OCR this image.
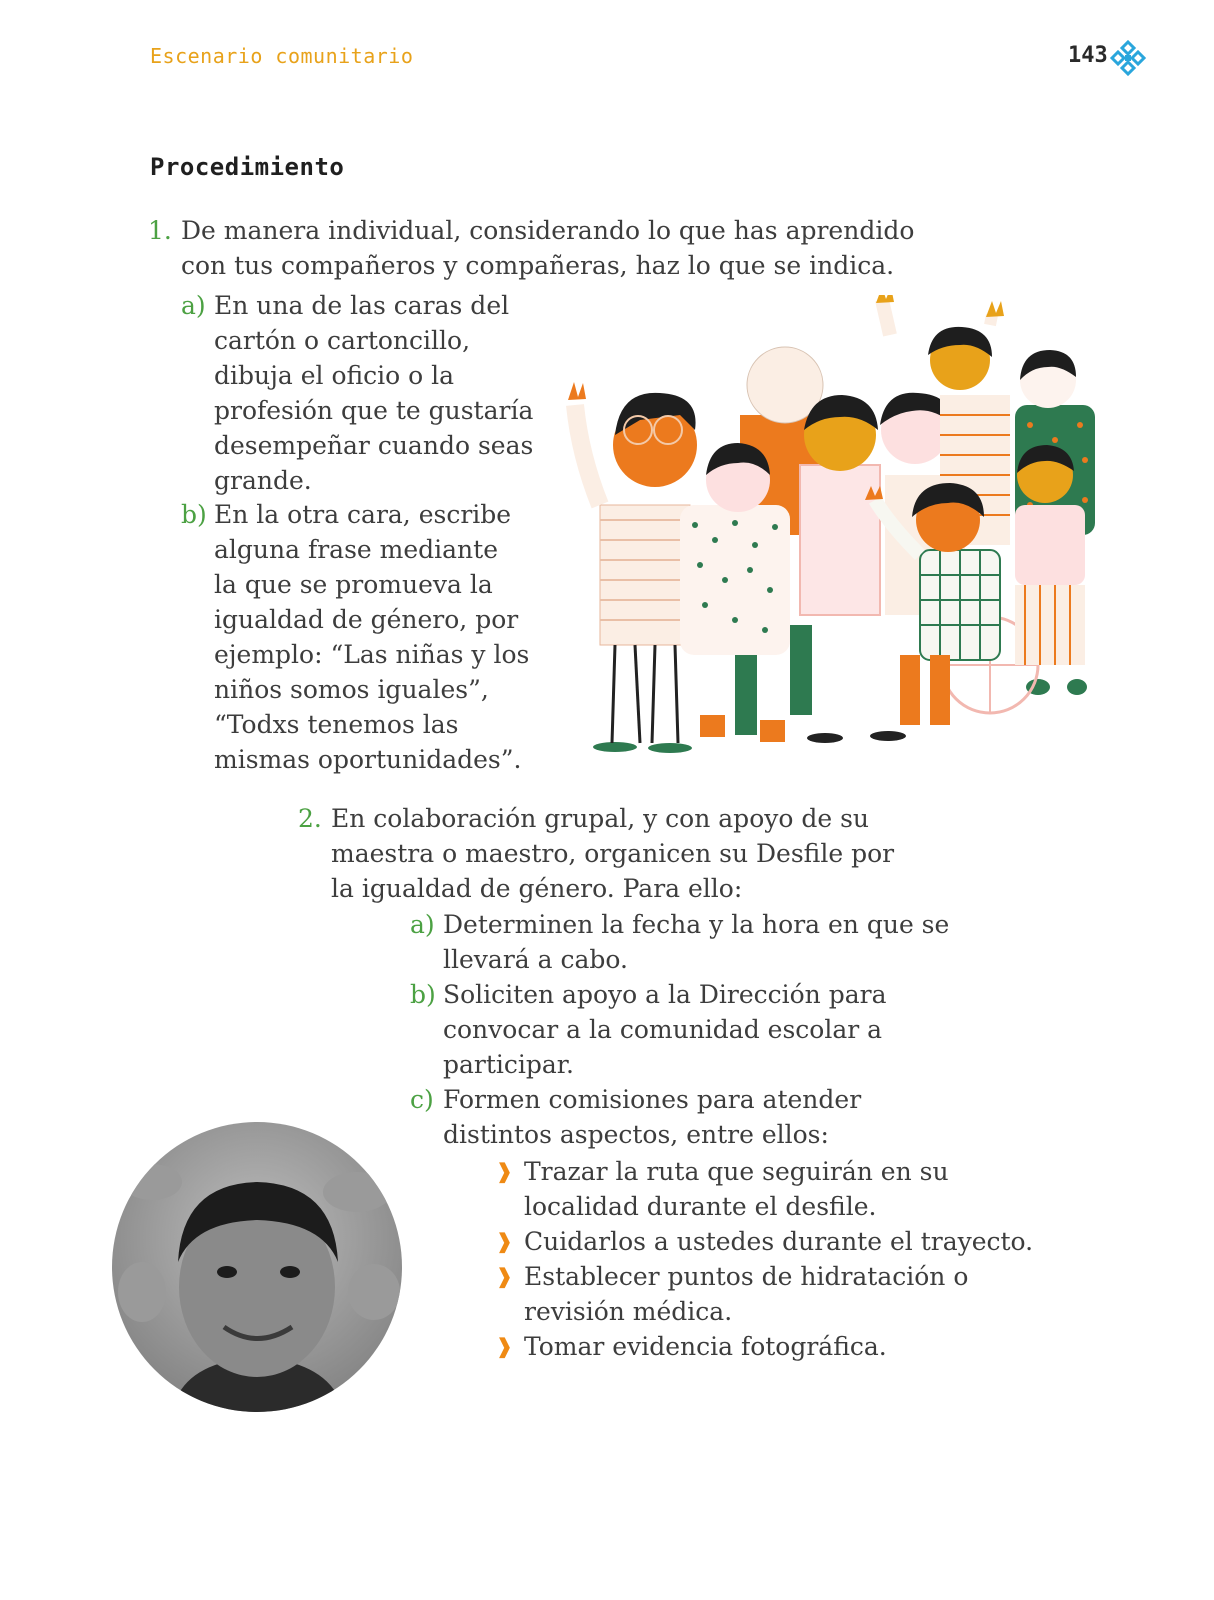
Escenario comunitario	143
Procedimiento
1. De manera individual, considerando lo que has aprendido
con tus compañeros y compañeras, haz lo que se indica.
a) En una de las caras del
cartón o cartoncillo,
dibuja el oficio o la
profesión que te gustaría
desempeñar cuando seas
grande.
b) En la otra cara, escribe
alguna frase mediante
la que se promueva la
igualdad de género, por
ejemplo: “Las niñas y los
niños somos iguales”,
“Todxs tenemos las
mismas oportunidades”.
2. En colaboración grupal, y con apoyo de su
maestra o maestro, organicen su Desfile por
la igualdad de género. Para ello:
a) Determinen la fecha y la hora en que se
llevará a cabo.
b) Soliciten apoyo a la Dirección para
convocar a la comunidad escolar a
participar.
c) Formen comisiones para atender
distintos aspectos, entre ellos:
❱ Trazar la ruta que seguirán en su
localidad durante el desfile.
❱ Cuidarlos a ustedes durante el trayecto.
❱ Establecer puntos de hidratación o
revisión médica.
❱ Tomar evidencia fotográfica.
